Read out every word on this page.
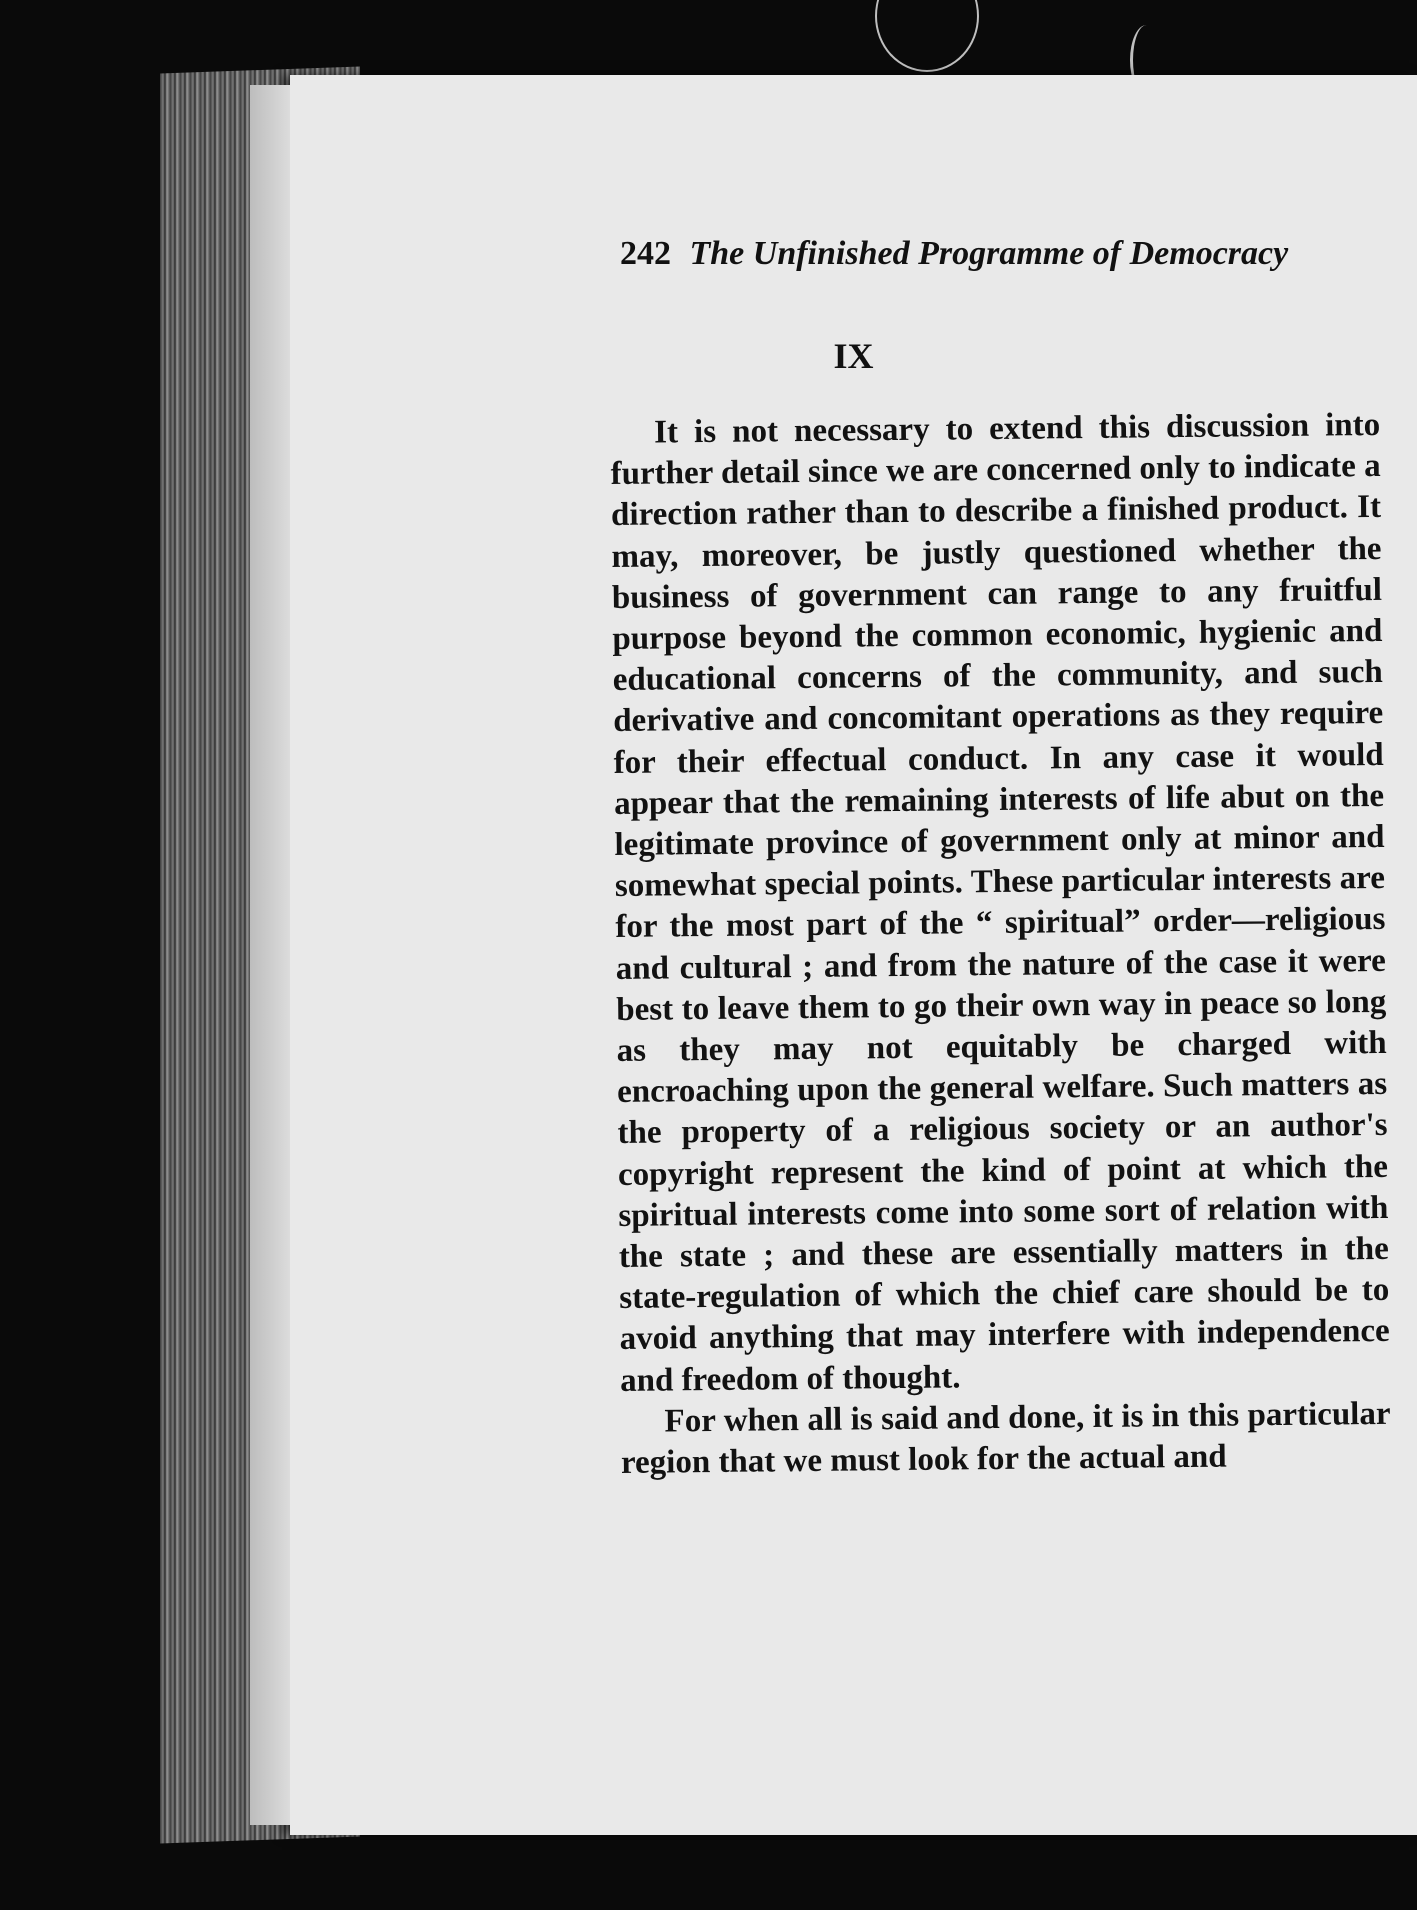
242 The Unfinished Programme of Democracy
IX

It is not necessary to extend this discussion into further detail since we are concerned only to indicate a direction rather than to describe a finished product. It may, moreover, be justly questioned whether the business of government can range to any fruitful purpose beyond the common economic, hygienic and educational concerns of the community, and such derivative and concomitant operations as they require for their effectual conduct. In any case it would appear that the remaining interests of life abut on the legitimate province of government only at minor and somewhat special points. These particular interests are for the most part of the “ spiritual” order—religious and cultural ; and from the nature of the case it were best to leave them to go their own way in peace so long as they may not equitably be charged with encroaching upon the general welfare. Such matters as the property of a religious society or an author's copyright represent the kind of point at which the spiritual interests come into some sort of relation with the state ; and these are essentially matters in the state-regulation of which the chief care should be to avoid anything that may interfere with independence and freedom of thought.

For when all is said and done, it is in this particular region that we must look for the actual and
